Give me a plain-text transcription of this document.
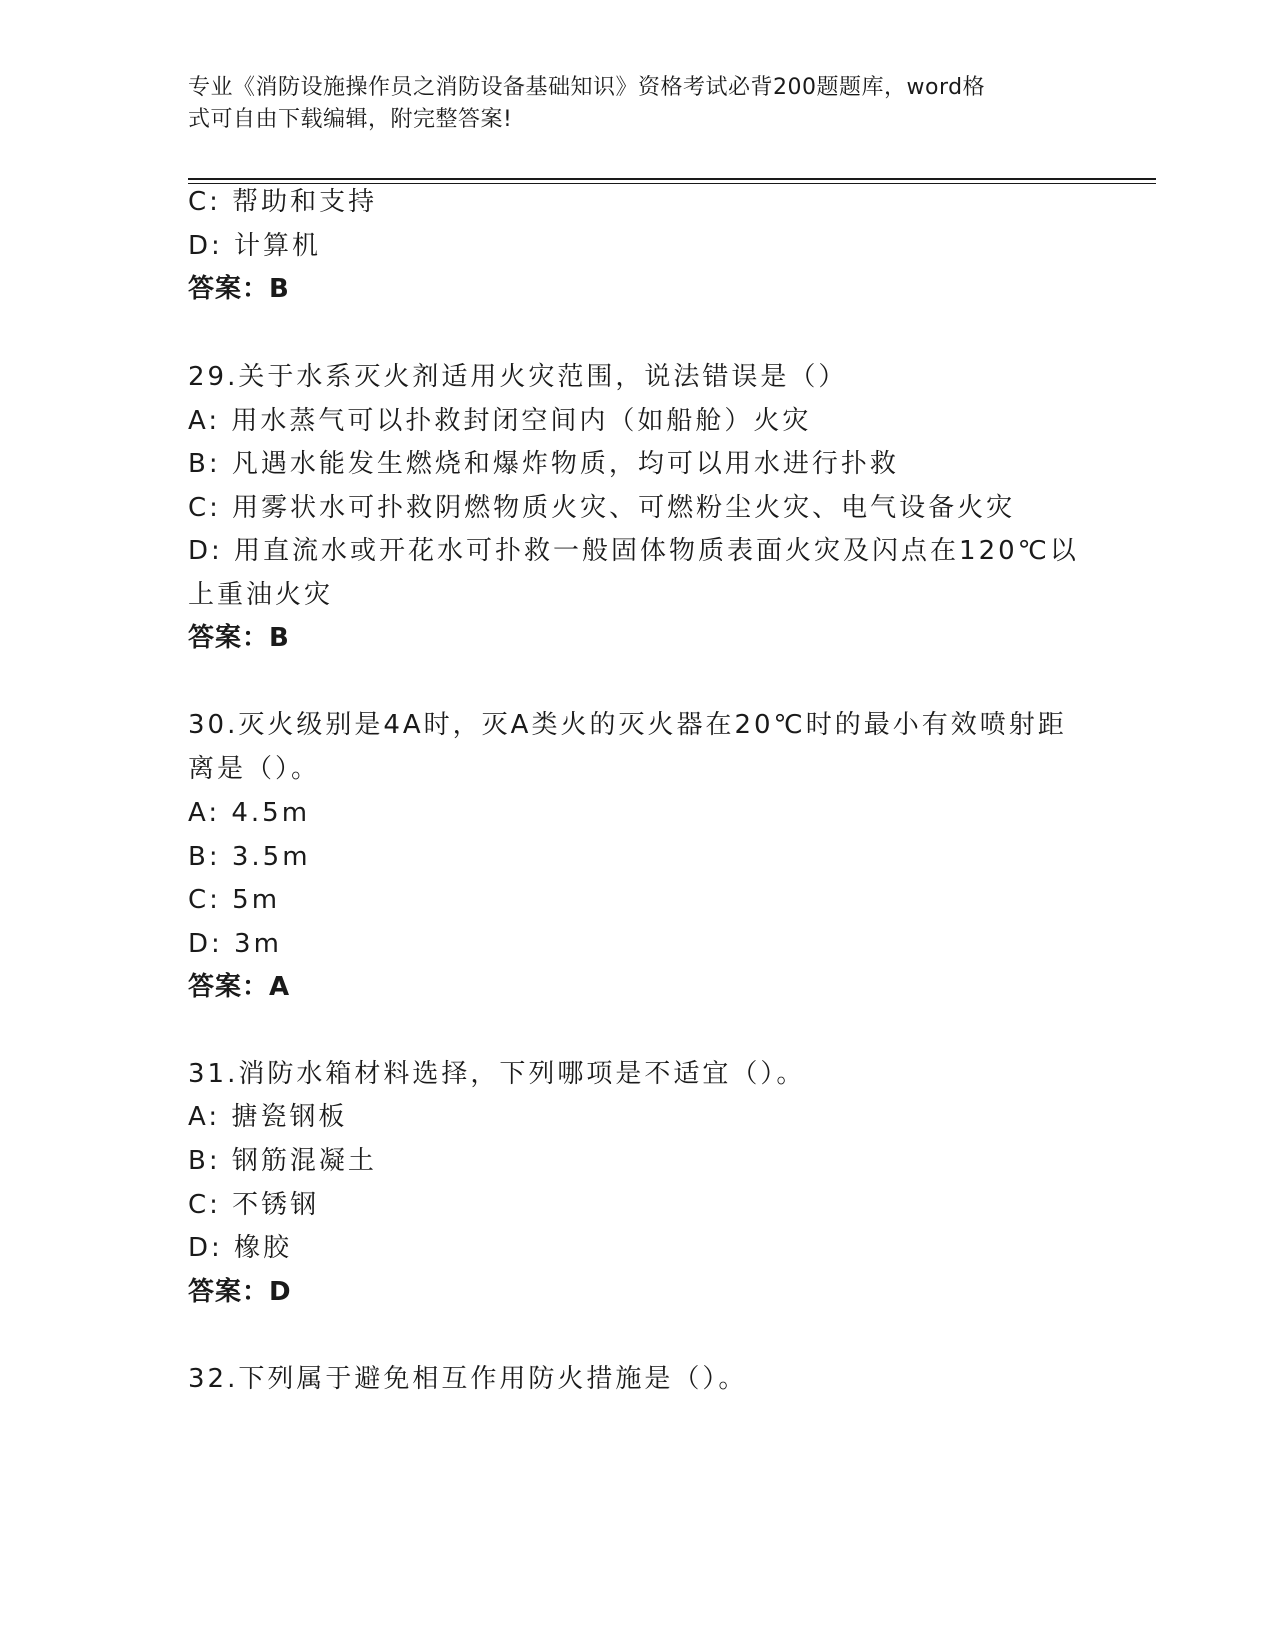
专业《消防设施操作员之消防设备基础知识》资格考试必背200题题库，word格
式可自由下载编辑，附完整答案!
C: 帮助和支持
D: 计算机
答案：B
29.关于水系灭火剂适用火灾范围，说法错误是（）
A: 用水蒸气可以扑救封闭空间内（如船舱）火灾
B: 凡遇水能发生燃烧和爆炸物质，均可以用水进行扑救
C: 用雾状水可扑救阴燃物质火灾、可燃粉尘火灾、电气设备火灾
D: 用直流水或开花水可扑救一般固体物质表面火灾及闪点在120℃以
上重油火灾
答案：B
30.灭火级别是4A时，灭A类火的灭火器在20℃时的最小有效喷射距
离是（）。
A: 4.5m
B: 3.5m
C: 5m
D: 3m
答案：A
31.消防水箱材料选择，下列哪项是不适宜（）。
A: 搪瓷钢板
B: 钢筋混凝土
C: 不锈钢
D: 橡胶
答案：D
32.下列属于避免相互作用防火措施是（）。
